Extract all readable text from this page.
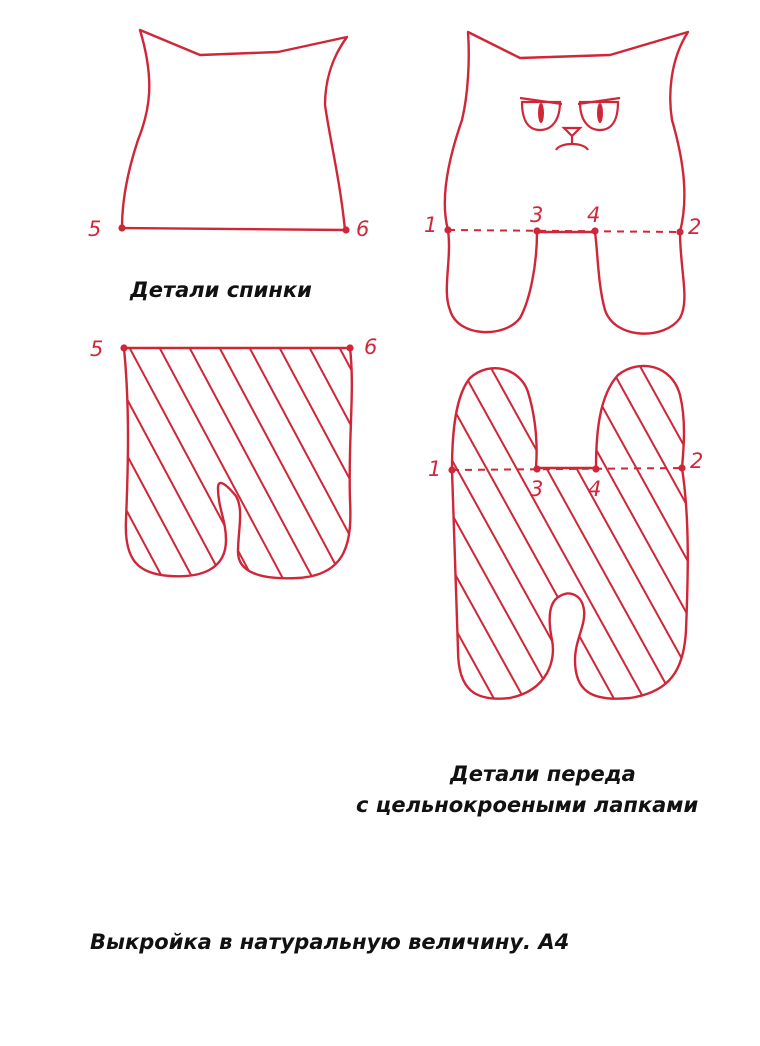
5	6
5	6
1	3 4	2
1
3 4
2
Детали спинки
Детали переда
с цельнокроеными лапками
Выкройка в натуральную величину. А4
